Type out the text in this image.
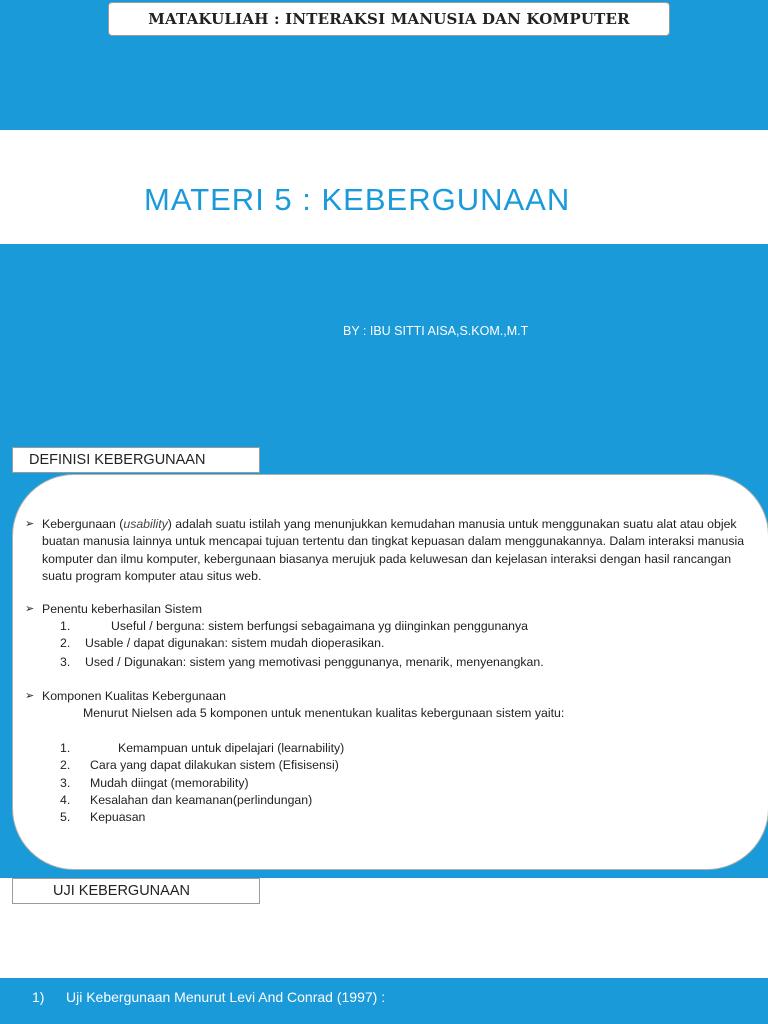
MATAKULIAH : INTERAKSI MANUSIA DAN KOMPUTER
MATERI 5 : KEBERGUNAAN
BY : IBU SITTI AISA,S.KOM.,M.T
DEFINISI KEBERGUNAAN
➢ Kebergunaan (usability) adalah suatu istilah yang menunjukkan kemudahan manusia untuk menggunakan suatu alat atau objek buatan manusia lainnya untuk mencapai tujuan tertentu dan tingkat kepuasan dalam menggunakannya. Dalam interaksi manusia komputer dan ilmu komputer, kebergunaan biasanya merujuk pada keluwesan dan kejelasan interaksi dengan hasil rancangan suatu program komputer atau situs web.
➢ Penentu keberhasilan Sistem
1.	Useful / berguna: sistem berfungsi sebagaimana yg diinginkan penggunanya
2. Usable / dapat digunakan: sistem mudah dioperasikan.
3. Used / Digunakan: sistem yang memotivasi penggunanya, menarik, menyenangkan.
➢ Komponen Kualitas Kebergunaan
Menurut Nielsen ada 5 komponen untuk menentukan kualitas kebergunaan sistem yaitu:
1.	Kemampuan untuk dipelajari (learnability)
2. Cara yang dapat dilakukan sistem (Efisisensi)
3. Mudah diingat (memorability)
4. Kesalahan dan keamanan(perlindungan)
5. Kepuasan
UJI KEBERGUNAAN
1) Uji Kebergunaan Menurut Levi And Conrad (1997) :
